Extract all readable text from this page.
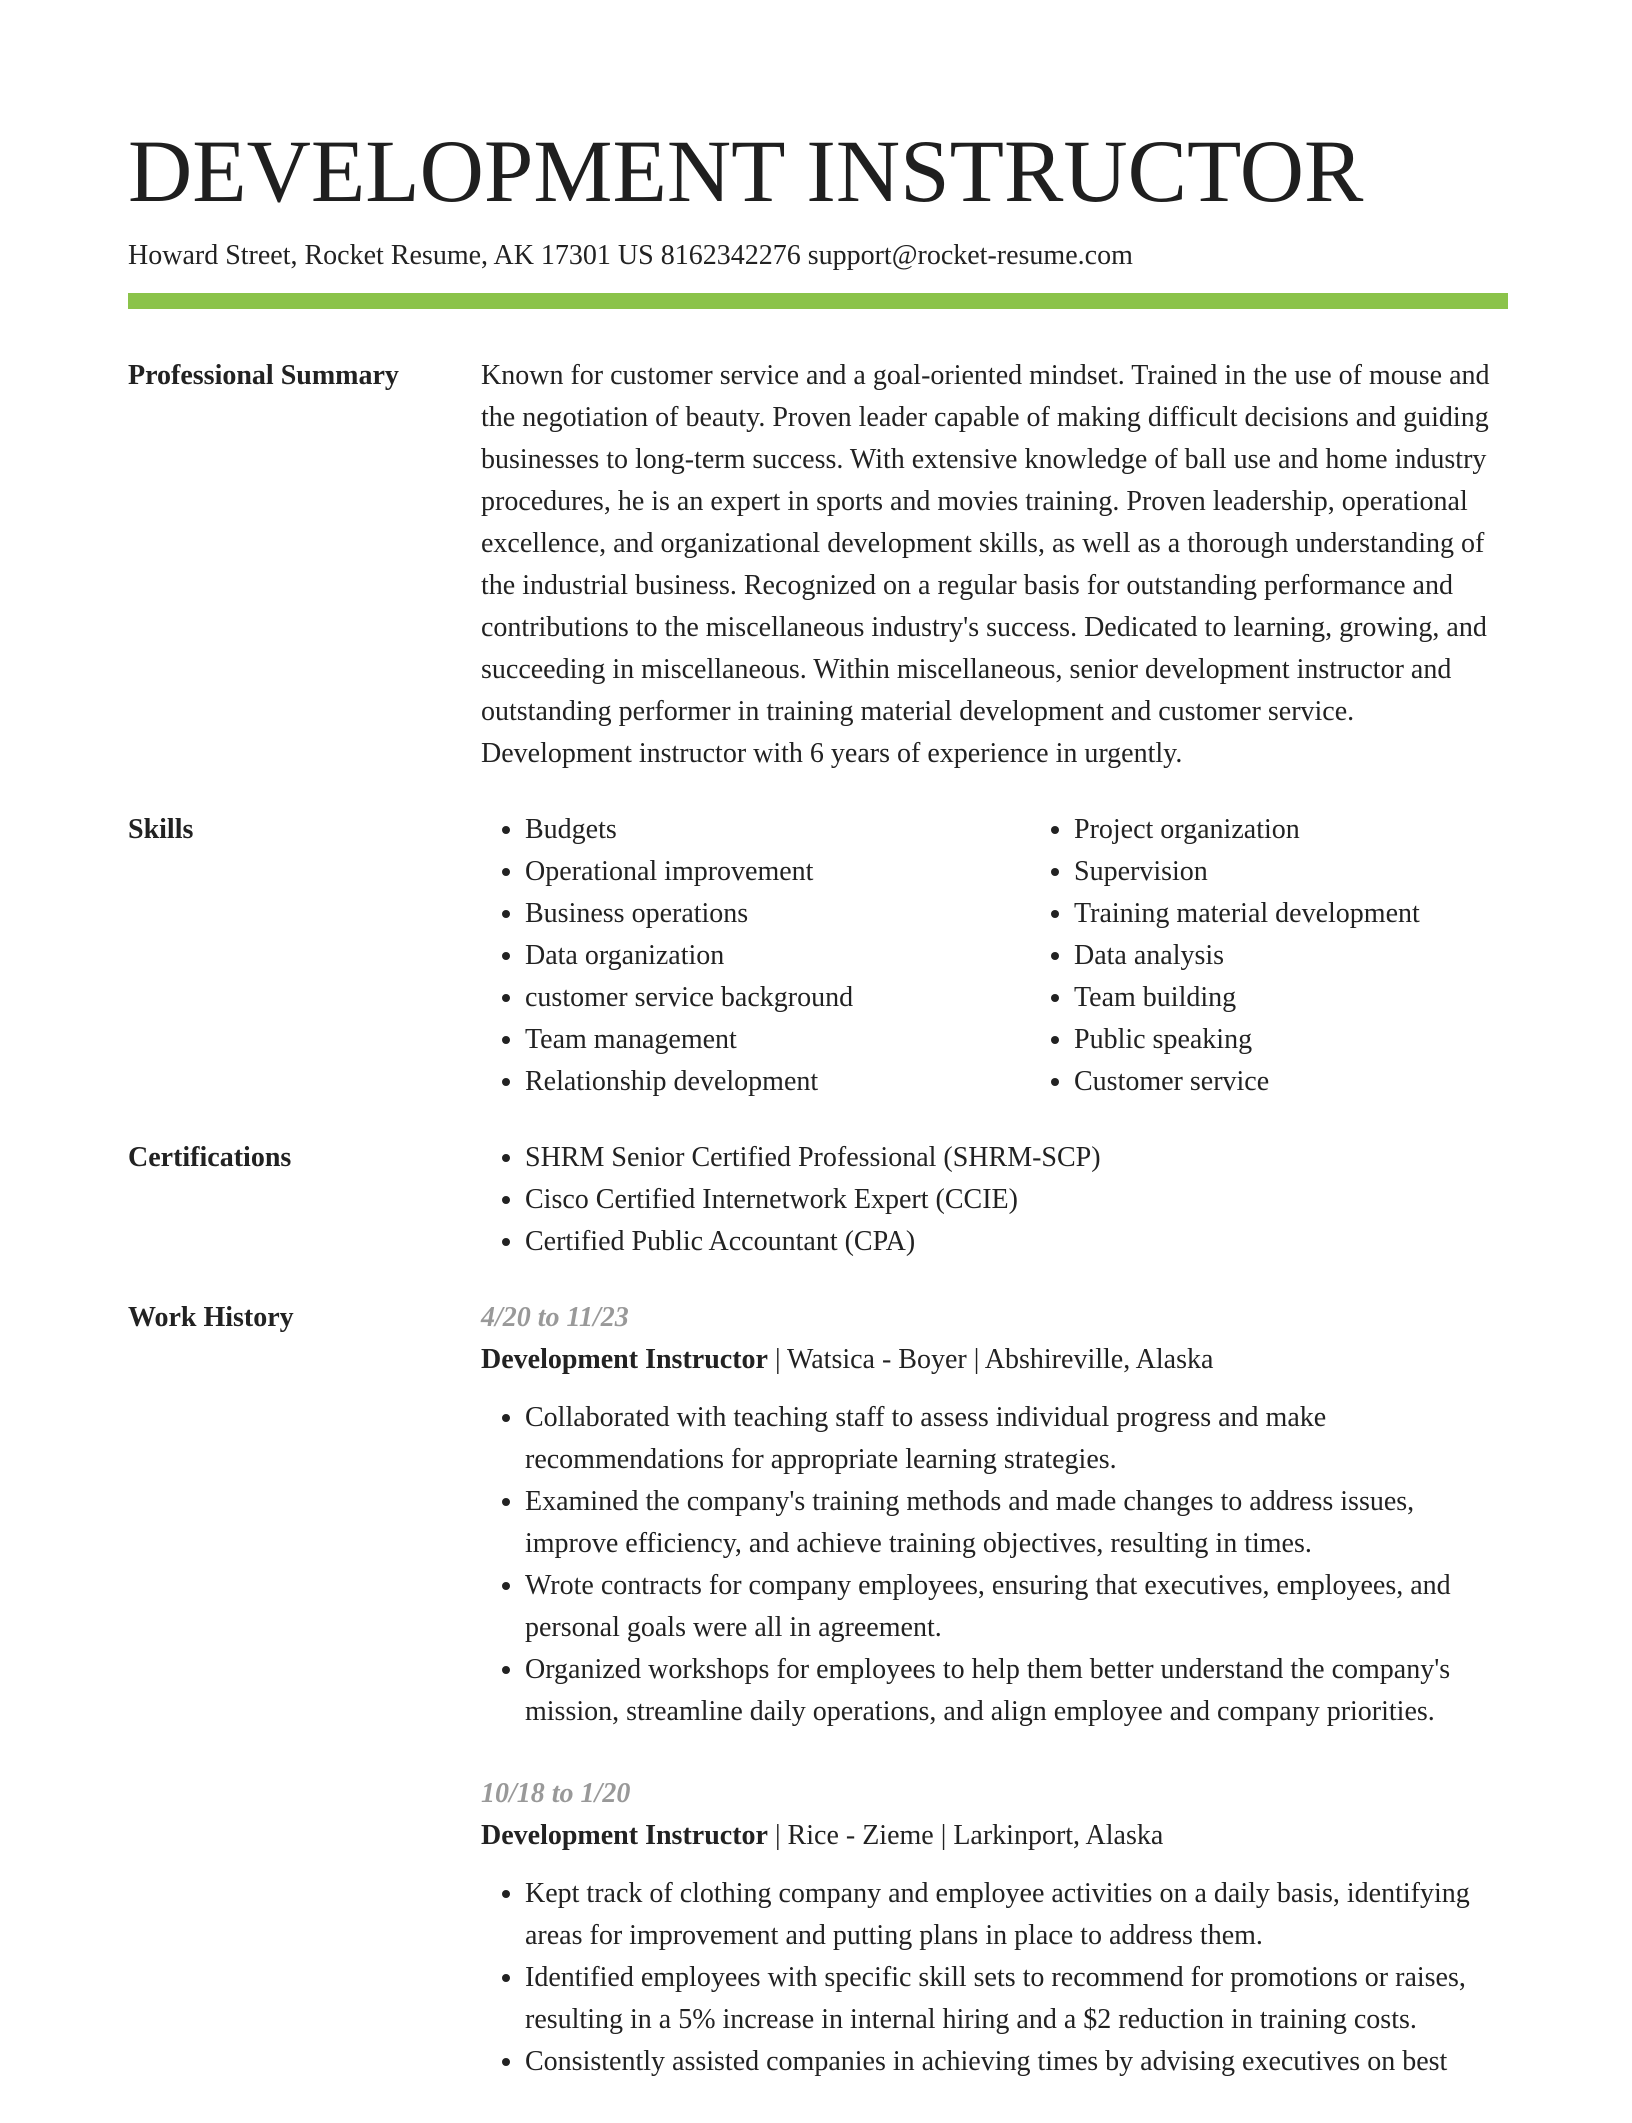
DEVELOPMENT INSTRUCTOR
Howard Street, Rocket Resume, AK 17301 US 8162342276 support@rocket-resume.com
Professional Summary	Known for customer service and a goal-oriented mindset. Trained in the use of mouse and the negotiation of beauty. Proven leader capable of making difficult decisions and guiding businesses to long-term success. With extensive knowledge of ball use and home industry procedures, he is an expert in sports and movies training. Proven leadership, operational excellence, and organizational development skills, as well as a thorough understanding of the industrial business. Recognized on a regular basis for outstanding performance and contributions to the miscellaneous industry's success. Dedicated to learning, growing, and succeeding in miscellaneous. Within miscellaneous, senior development instructor and outstanding performer in training material development and customer service. Development instructor with 6 years of experience in urgently.

Skills	• Budgets
• Operational improvement
• Business operations
• Data organization
• customer service background
• Team management
• Relationship development
• Project organization
• Supervision
• Training material development
• Data analysis
• Team building
• Public speaking
• Customer service
Certifications	• SHRM Senior Certified Professional (SHRM-SCP)
• Cisco Certified Internetwork Expert (CCIE)
• Certified Public Accountant (CPA)
Work History	4/20 to 11/23
Development Instructor | Watsica - Boyer | Abshireville, Alaska
• Collaborated with teaching staff to assess individual progress and make recommendations for appropriate learning strategies.
• Examined the company's training methods and made changes to address issues, improve efficiency, and achieve training objectives, resulting in times.
• Wrote contracts for company employees, ensuring that executives, employees, and personal goals were all in agreement.
• Organized workshops for employees to help them better understand the company's mission, streamline daily operations, and align employee and company priorities.
10/18 to 1/20
Development Instructor | Rice - Zieme | Larkinport, Alaska
• Kept track of clothing company and employee activities on a daily basis, identifying areas for improvement and putting plans in place to address them.
• Identified employees with specific skill sets to recommend for promotions or raises, resulting in a 5% increase in internal hiring and a $2 reduction in training costs.
• Consistently assisted companies in achieving times by advising executives on best
